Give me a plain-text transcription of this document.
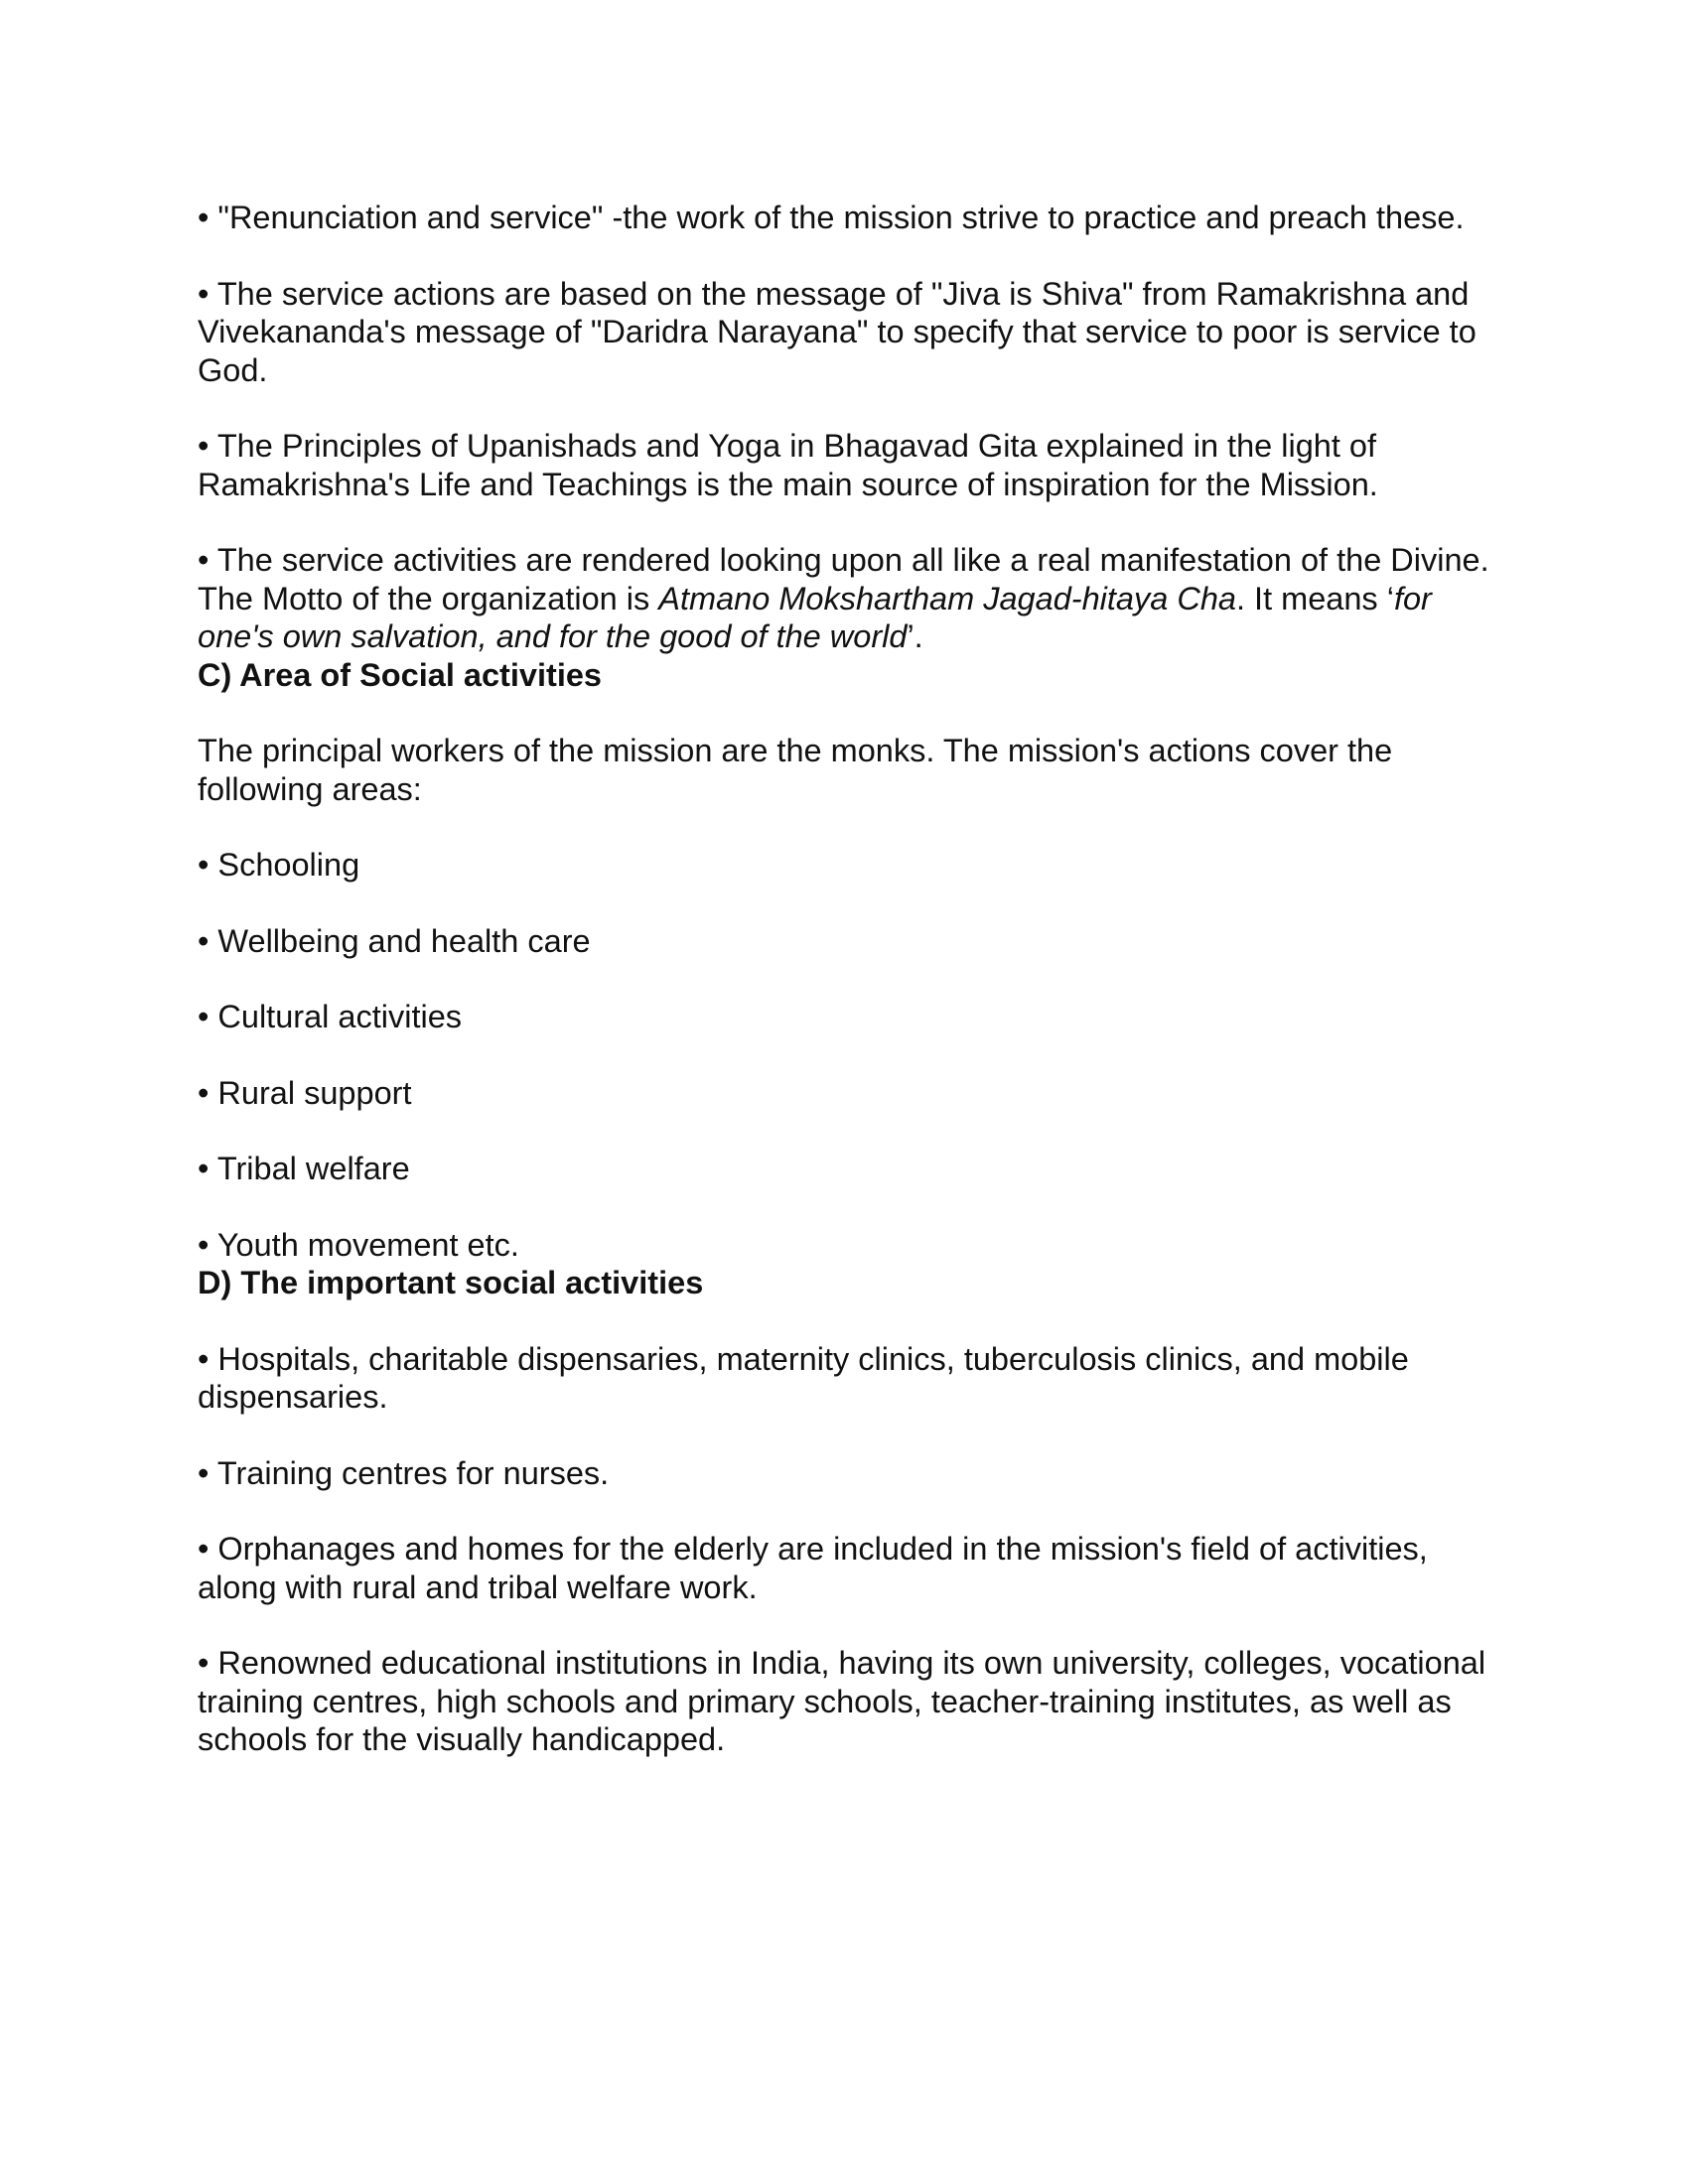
• "Renunciation and service" -the work of the mission strive to practice and preach these.

• The service actions are based on the message of "Jiva is Shiva" from Ramakrishna and Vivekananda's message of "Daridra Narayana" to specify that service to poor is service to God.

• The Principles of Upanishads and Yoga in Bhagavad Gita explained in the light of Ramakrishna's Life and Teachings is the main source of inspiration for the Mission.

• The service activities are rendered looking upon all like a real manifestation of the Divine. The Motto of the organization is Atmano Mokshartham Jagad-hitaya Cha. It means ‘for one's own salvation, and for the good of the world’.

C) Area of Social activities

The principal workers of the mission are the monks. The mission's actions cover the following areas:

• Schooling

• Wellbeing and health care

• Cultural activities

• Rural support

• Tribal welfare

• Youth movement etc.

D) The important social activities

• Hospitals, charitable dispensaries, maternity clinics, tuberculosis clinics, and mobile dispensaries.

• Training centres for nurses.

• Orphanages and homes for the elderly are included in the mission's field of activities, along with rural and tribal welfare work.

• Renowned educational institutions in India, having its own university, colleges, vocational training centres, high schools and primary schools, teacher-training institutes, as well as schools for the visually handicapped.
